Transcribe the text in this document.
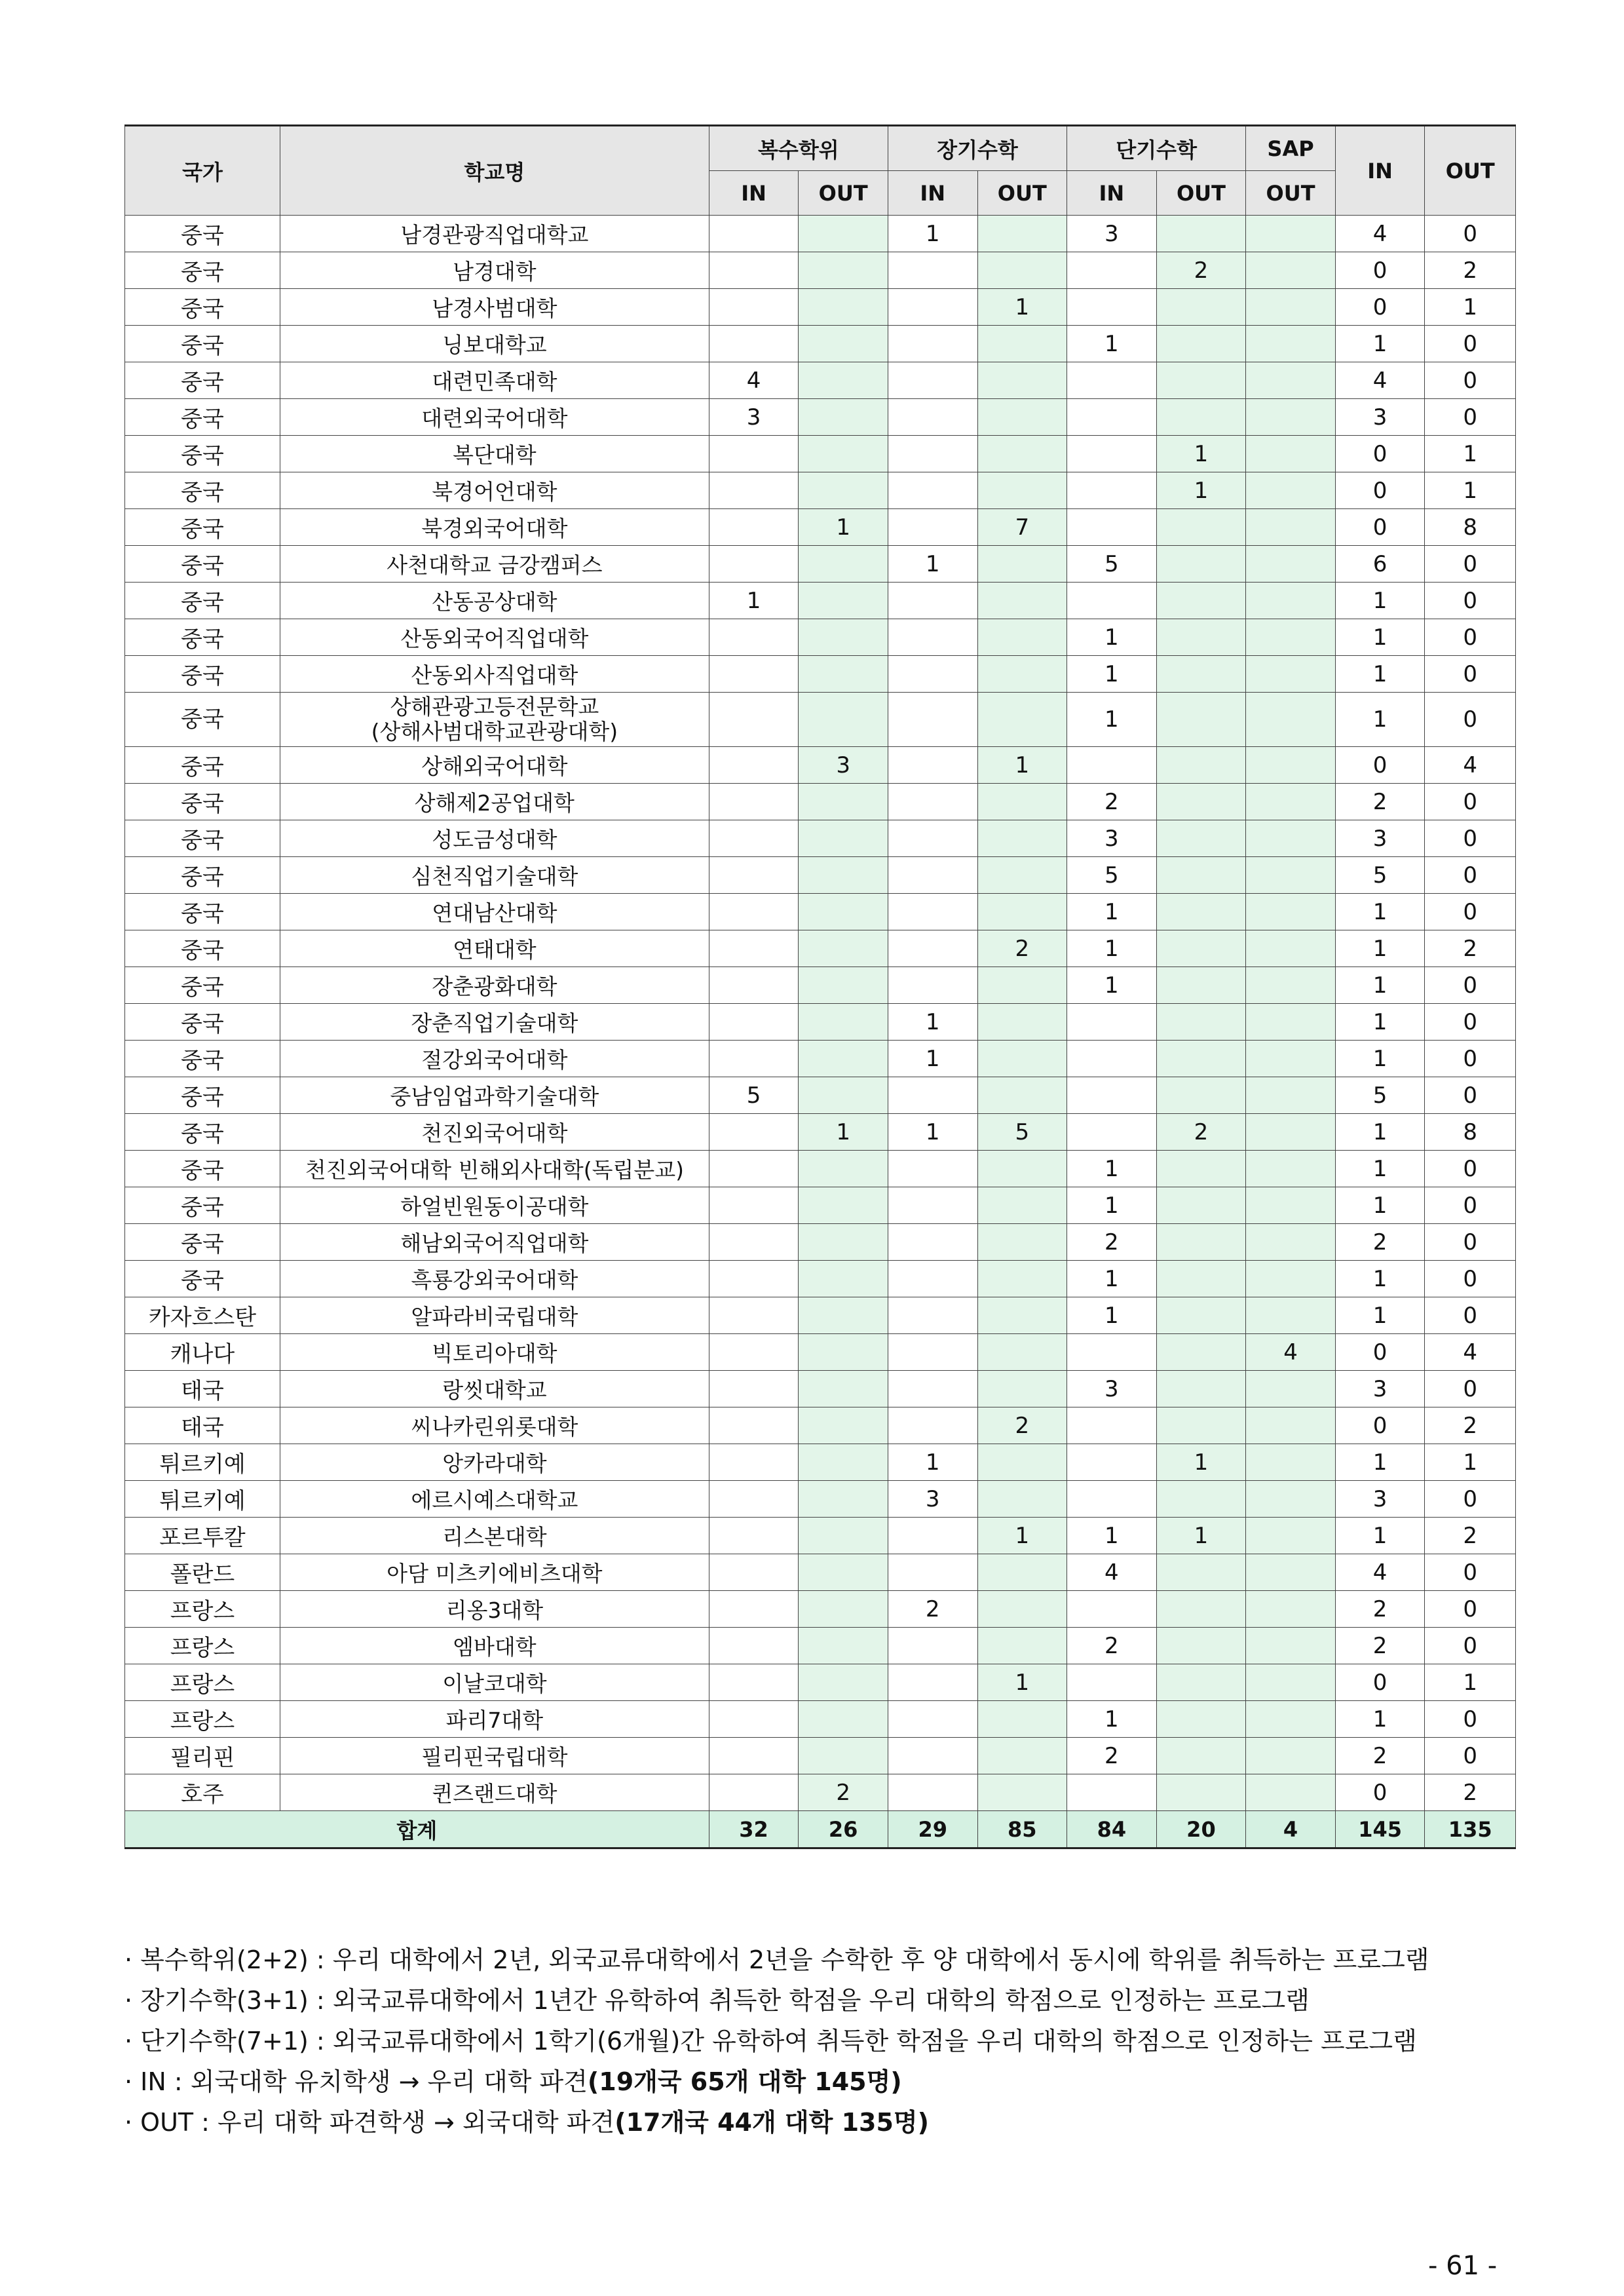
국가	학교명	복수학위		장기수학		단기수학		SAP	IN	OUT
		IN	OUT	IN	OUT	IN	OUT	OUT		
중국	남경관광직업대학교			1		3			4	0
중국	남경대학						2		0	2
중국	남경사범대학				1				0	1
중국	닝보대학교					1			1	0
중국	대련민족대학	4							4	0
중국	대련외국어대학	3							3	0
중국	복단대학						1		0	1
중국	북경어언대학						1		0	1
중국	북경외국어대학		1		7				0	8
중국	사천대학교 금강캠퍼스			1		5			6	0
중국	산동공상대학	1							1	0
중국	산동외국어직업대학					1			1	0
중국	산동외사직업대학					1			1	0
중국	상해관광고등전문학교
(상해사범대학교관광대학)					1			1	0
중국	상해외국어대학		3		1				0	4
중국	상해제2공업대학					2			2	0
중국	성도금성대학					3			3	0
중국	심천직업기술대학					5			5	0
중국	연대남산대학					1			1	0
중국	연태대학				2	1			1	2
중국	장춘광화대학					1			1	0
중국	장춘직업기술대학			1					1	0
중국	절강외국어대학			1					1	0
중국	중남임업과학기술대학	5							5	0
중국	천진외국어대학		1	1	5		2		1	8
중국	천진외국어대학 빈해외사대학(독립분교)					1			1	0
중국	하얼빈원동이공대학					1			1	0
중국	해남외국어직업대학					2			2	0
중국	흑룡강외국어대학					1			1	0
카자흐스탄	알파라비국립대학					1			1	0
캐나다	빅토리아대학							4	0	4
태국	랑씻대학교					3			3	0
태국	씨나카린위롯대학				2				0	2
튀르키예	앙카라대학			1			1		1	1
튀르키예	에르시예스대학교			3					3	0
포르투칼	리스본대학				1	1	1		1	2
폴란드	아담 미츠키에비츠대학					4			4	0
프랑스	리옹3대학			2					2	0
프랑스	엠바대학					2			2	0
프랑스	이날코대학				1				0	1
프랑스	파리7대학					1			1	0
필리핀	필리핀국립대학					2			2	0
호주	퀸즈랜드대학		2						0	2
합계		32	26	29	85	84	20	4	145	135
· 복수학위(2+2) : 우리 대학에서 2년, 외국교류대학에서 2년을 수학한 후 양 대학에서 동시에 학위를 취득하는 프로그램
· 장기수학(3+1) : 외국교류대학에서 1년간 유학하여 취득한 학점을 우리 대학의 학점으로 인정하는 프로그램
· 단기수학(7+1) : 외국교류대학에서 1학기(6개월)간 유학하여 취득한 학점을 우리 대학의 학점으로 인정하는 프로그램
· IN : 외국대학 유치학생 → 우리 대학 파견(19개국 65개 대학 145명)
· OUT : 우리 대학 파견학생 → 외국대학 파견(17개국 44개 대학 135명)
- 61 -
